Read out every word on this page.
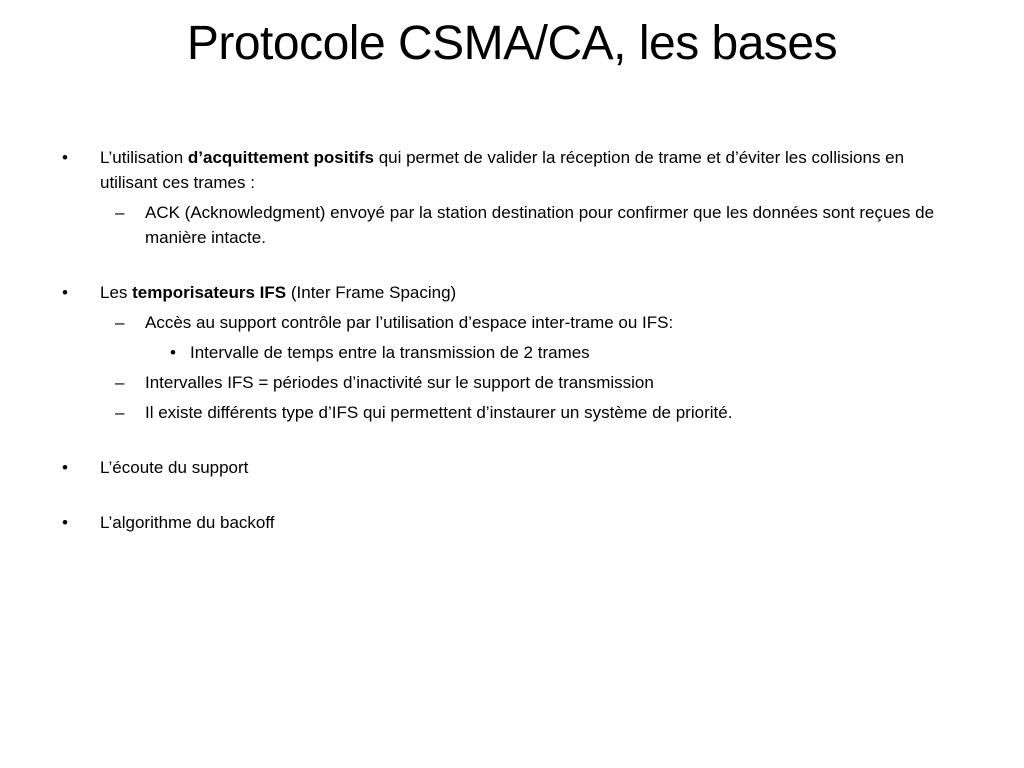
Protocole CSMA/CA, les bases
• L’utilisation d’acquittement positifs qui permet de valider la réception de trame et d’éviter les collisions en utilisant ces trames :
– ACK (Acknowledgment) envoyé par la station destination pour confirmer que les données sont reçues de manière intacte.
• Les temporisateurs IFS (Inter Frame Spacing)
– Accès au support contrôle par l’utilisation d’espace inter-trame ou IFS:
• Intervalle de temps entre la transmission de 2 trames
– Intervalles IFS = périodes d’inactivité sur le support de transmission
– Il existe différents type d’IFS qui permettent d’instaurer un système de priorité.
• L’écoute du support
• L’algorithme du backoff
